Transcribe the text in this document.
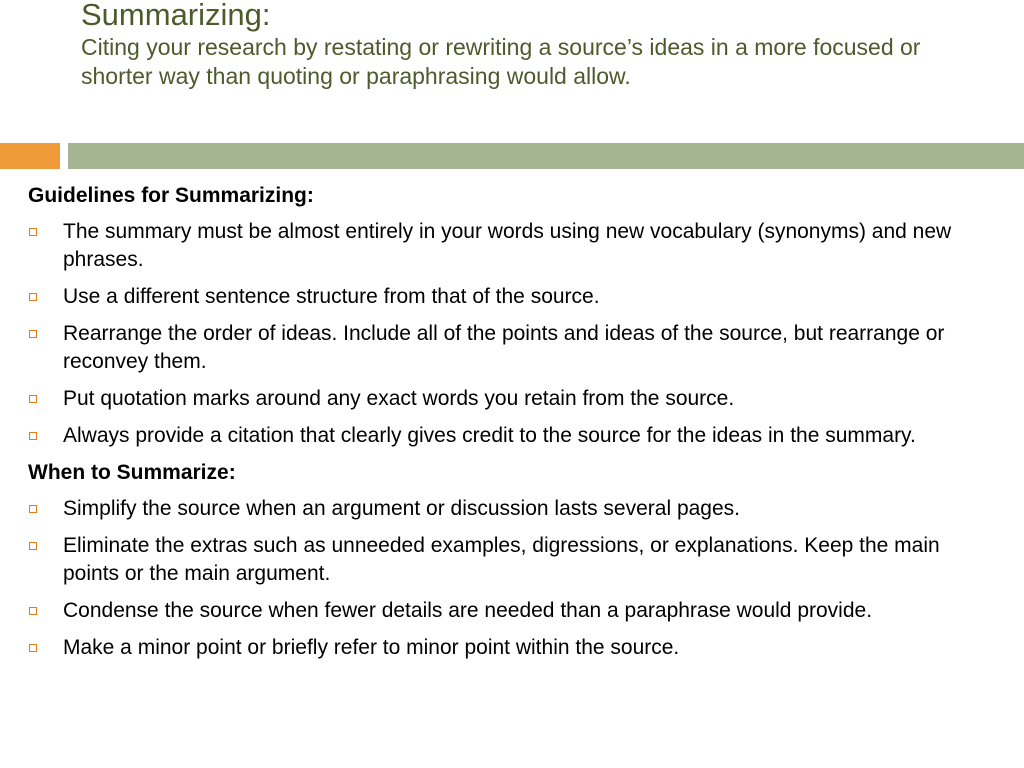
Summarizing:
Citing your research by restating or rewriting a source’s ideas in a more focused or shorter way than quoting or paraphrasing would allow.
Guidelines for Summarizing:
The summary must be almost entirely in your words using new vocabulary (synonyms) and new phrases.
Use a different sentence structure from that of the source.
Rearrange the order of ideas. Include all of the points and ideas of the source, but rearrange or reconvey them.
Put quotation marks around any exact words you retain from the source.
Always provide a citation that clearly gives credit to the source for the ideas in the summary.
When to Summarize:
Simplify the source when an argument or discussion lasts several pages.
Eliminate the extras such as unneeded examples, digressions, or explanations. Keep the main points or the main argument.
Condense the source when fewer details are needed than a paraphrase would provide.
Make a minor point or briefly refer to minor point within the source.
